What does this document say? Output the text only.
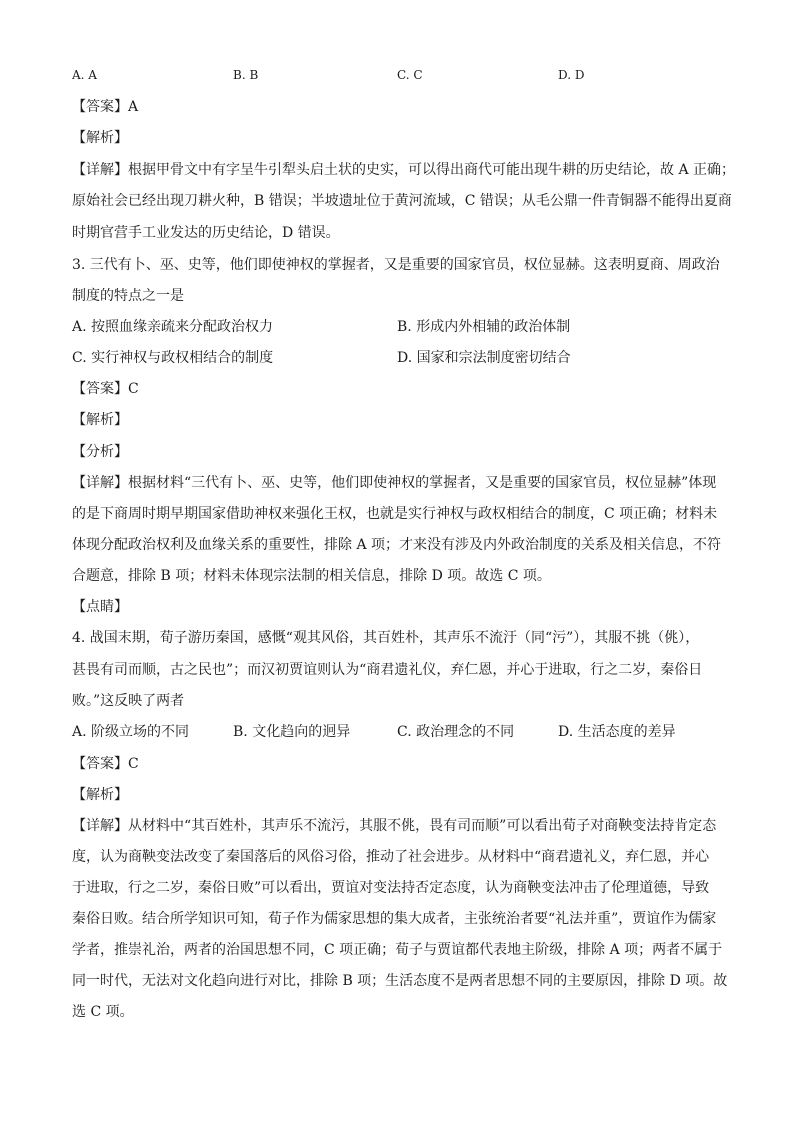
A. A	B. B	C. C	D. D
【答案】A
【解析】
【详解】根据甲骨文中有字呈牛引犁头启土状的史实，可以得出商代可能出现牛耕的历史结论，故 A 正确；
原始社会已经出现刀耕火种，B 错误；半坡遗址位于黄河流域，C 错误；从毛公鼎一件青铜器不能得出夏商
时期官营手工业发达的历史结论，D 错误。
3. 三代有卜、巫、史等，他们即使神权的掌握者，又是重要的国家官员，权位显赫。这表明夏商、周政治
制度的特点之一是
A. 按照血缘亲疏来分配政治权力	B. 形成内外相辅的政治体制
C. 实行神权与政权相结合的制度	D. 国家和宗法制度密切结合
【答案】C
【解析】
【分析】
【详解】根据材料“三代有卜、巫、史等，他们即使神权的掌握者，又是重要的国家官员，权位显赫”体现
的是下商周时期早期国家借助神权来强化王权，也就是实行神权与政权相结合的制度，C 项正确；材料未
体现分配政治权利及血缘关系的重要性，排除 A 项；才来没有涉及内外政治制度的关系及相关信息，不符
合题意，排除 B 项；材料未体现宗法制的相关信息，排除 D 项。故选 C 项。
【点睛】
4. 战国末期，荀子游历秦国，感慨“观其风俗，其百姓朴，其声乐不流汙（同“污”），其服不挑（佻），
甚畏有司而顺，古之民也”；而汉初贾谊则认为“商君遗礼仪，弃仁恩，并心于进取，行之二岁，秦俗日
败。”这反映了两者
A. 阶级立场的不同	B. 文化趋向的迥异	C. 政治理念的不同	D. 生活态度的差异
【答案】C
【解析】
【详解】从材料中“其百姓朴，其声乐不流污，其服不佻，畏有司而顺”可以看出荀子对商鞅变法持肯定态
度，认为商鞅变法改变了秦国落后的风俗习俗，推动了社会进步。从材料中“商君遗礼义，弃仁恩，并心
于进取，行之二岁，秦俗日败”可以看出，贾谊对变法持否定态度，认为商鞅变法冲击了伦理道德，导致
秦俗日败。结合所学知识可知，荀子作为儒家思想的集大成者，主张统治者要“礼法并重”，贾谊作为儒家
学者，推崇礼治，两者的治国思想不同，C 项正确；荀子与贾谊都代表地主阶级，排除 A 项；两者不属于
同一时代，无法对文化趋向进行对比，排除 B 项；生活态度不是两者思想不同的主要原因，排除 D 项。故
选 C 项。
